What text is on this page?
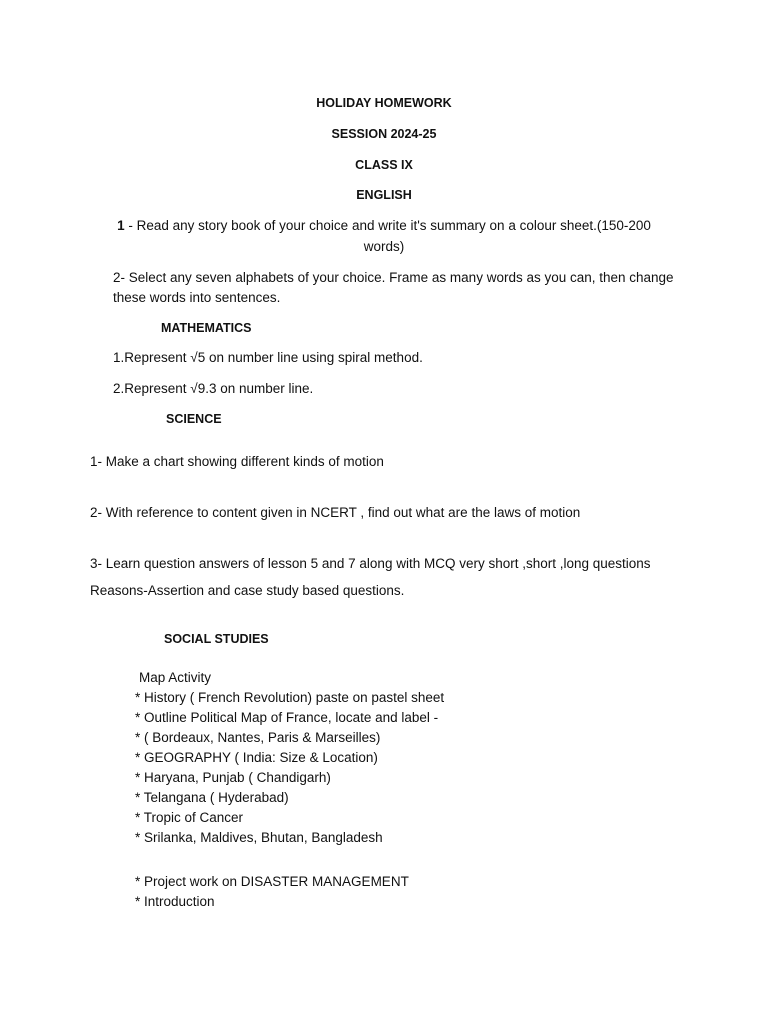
HOLIDAY HOMEWORK
SESSION 2024-25
CLASS IX
ENGLISH
1 - Read any story book of your choice and write it's summary on a colour sheet.(150-200
words)
2- Select any seven alphabets of your choice. Frame as many words as you can, then change
these words into sentences.
MATHEMATICS
1.Represent √5 on number line using spiral method.
2.Represent √9.3 on number line.
SCIENCE
1- Make a chart showing different kinds of motion
2- With reference to content given in NCERT , find out what are the laws of motion
3- Learn question answers of lesson 5 and 7 along with MCQ very short ,short ,long questions
Reasons-Assertion and case study based questions.
SOCIAL STUDIES
Map Activity
* History ( French Revolution) paste on pastel sheet
* Outline Political Map of France, locate and label -
* ( Bordeaux, Nantes, Paris & Marseilles)
* GEOGRAPHY ( India: Size & Location)
* Haryana, Punjab ( Chandigarh)
* Telangana ( Hyderabad)
* Tropic of Cancer
* Srilanka, Maldives, Bhutan, Bangladesh
* Project work on DISASTER MANAGEMENT
* Introduction
